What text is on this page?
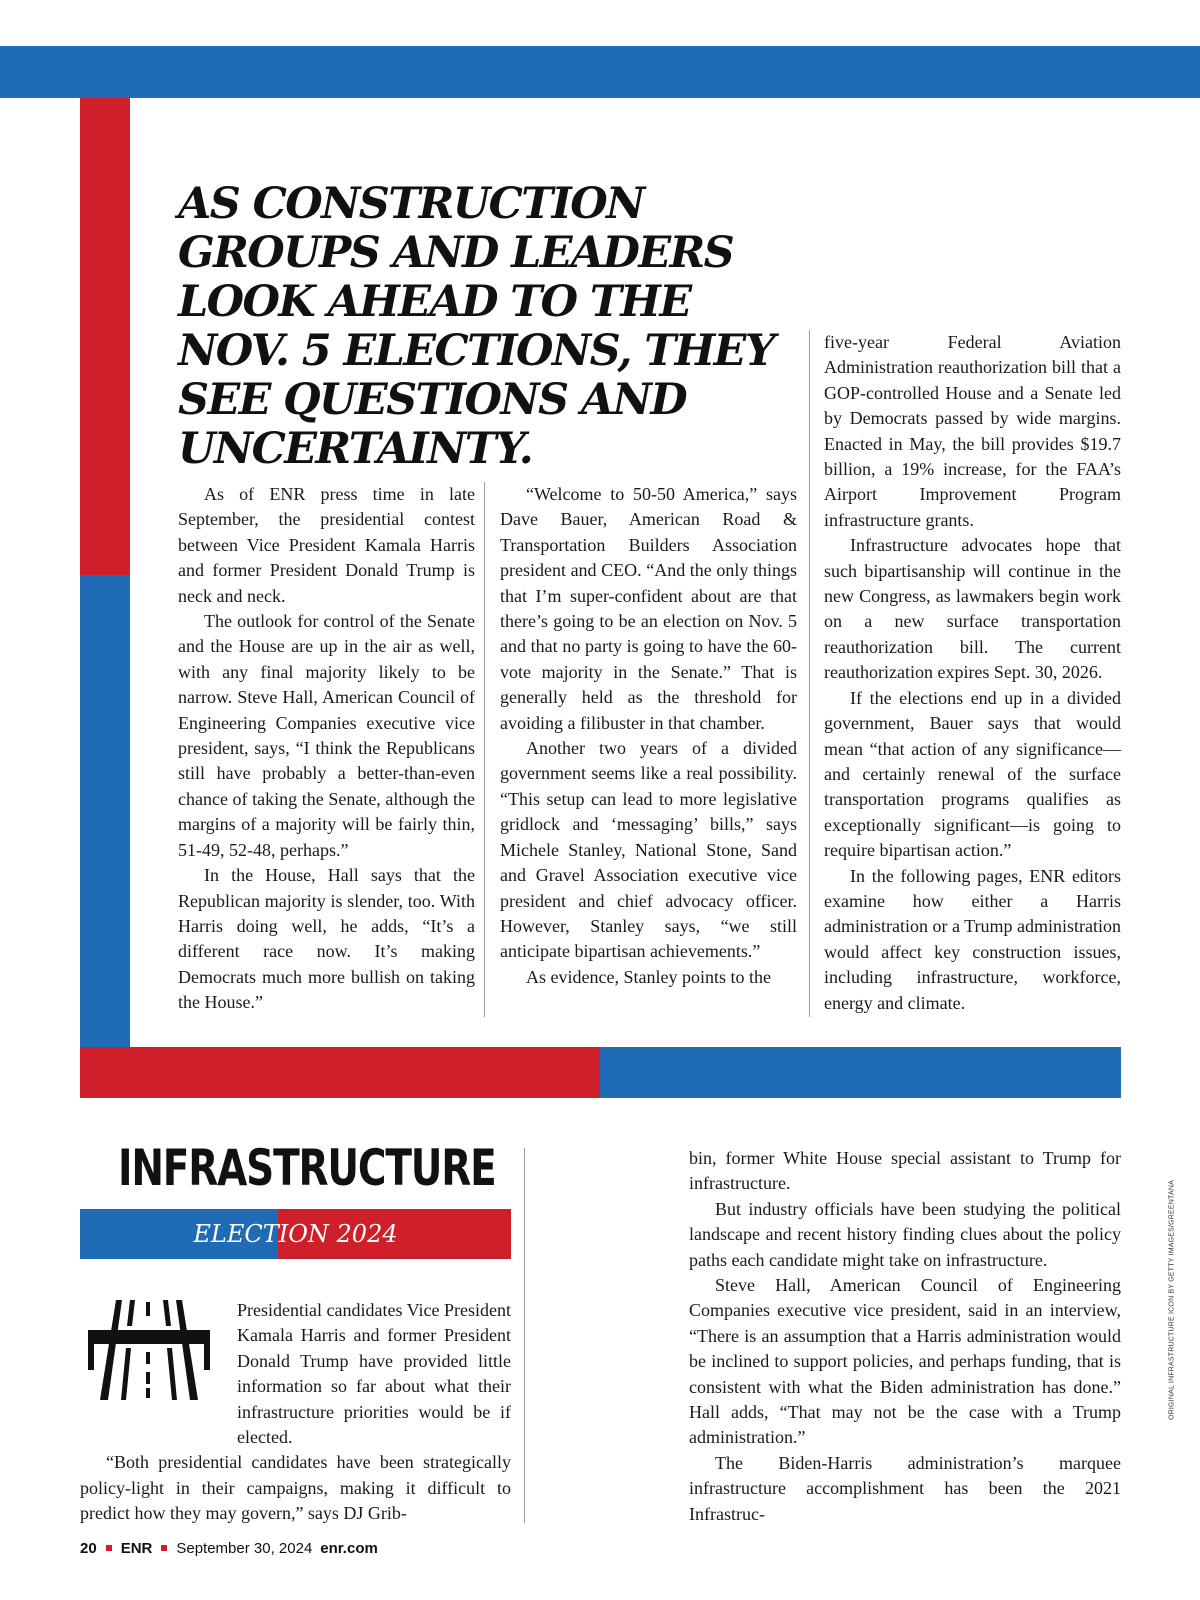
AS CONSTRUCTION GROUPS AND LEADERS LOOK AHEAD TO THE NOV. 5 ELECTIONS, THEY SEE QUESTIONS AND UNCERTAINTY.

As of ENR press time in late September, the presidential contest between Vice President Kamala Harris and former President Donald Trump is neck and neck.

The outlook for control of the Senate and the House are up in the air as well, with any final majority likely to be narrow. Steve Hall, American Council of Engineering Companies executive vice president, says, “I think the Republicans still have probably a better-than-even chance of taking the Senate, although the margins of a majority will be fairly thin, 51-49, 52-48, perhaps.”

In the House, Hall says that the Republican majority is slender, too. With Harris doing well, he adds, “It’s a different race now. It’s making Democrats much more bullish on taking the House.”

“Welcome to 50-50 America,” says Dave Bauer, American Road & Transportation Builders Association president and CEO. “And the only things that I’m super-confident about are that there’s going to be an election on Nov. 5 and that no party is going to have the 60-vote majority in the Senate.” That is generally held as the threshold for avoiding a filibuster in that chamber.

Another two years of a divided government seems like a real possibility. “This setup can lead to more legislative gridlock and ‘messaging’ bills,” says Michele Stanley, National Stone, Sand and Gravel Association executive vice president and chief advocacy officer. However, Stanley says, “we still anticipate bipartisan achievements.”

As evidence, Stanley points to the

five-year Federal Aviation Administration reauthorization bill that a GOP-controlled House and a Senate led by Democrats passed by wide margins. Enacted in May, the bill provides $19.7 billion, a 19% increase, for the FAA’s Airport Improvement Program infrastructure grants.

Infrastructure advocates hope that such bipartisanship will continue in the new Congress, as lawmakers begin work on a new surface transportation reauthorization bill. The current reauthorization expires Sept. 30, 2026.

If the elections end up in a divided government, Bauer says that would mean “that action of any significance—and certainly renewal of the surface transportation programs qualifies as exceptionally significant—is going to require bipartisan action.”

In the following pages, ENR editors examine how either a Harris administration or a Trump administration would affect key construction issues, including infrastructure, workforce, energy and climate.

INFRASTRUCTURE
ELECTION 2024

Presidential candidates Vice President Kamala Harris and former President Donald Trump have provided little information so far about what their infrastructure priorities would be if elected.

“Both presidential candidates have been strategically policy-light in their campaigns, making it difficult to predict how they may govern,” says DJ Grib-

bin, former White House special assistant to Trump for infrastructure.

But industry officials have been studying the political landscape and recent history finding clues about the policy paths each candidate might take on infrastructure.

Steve Hall, American Council of Engineering Companies executive vice president, said in an interview, “There is an assumption that a Harris administration would be inclined to support policies, and perhaps funding, that is consistent with what the Biden administration has done.” Hall adds, “That may not be the case with a Trump administration.”

The Biden-Harris administration’s marquee infrastructure accomplishment has been the 2021 Infrastruc-

20 ENR September 30, 2024 enr.com
ORIGINAL INFRASTRUCTURE ICON BY GETTY IMAGES/GREENTANA
